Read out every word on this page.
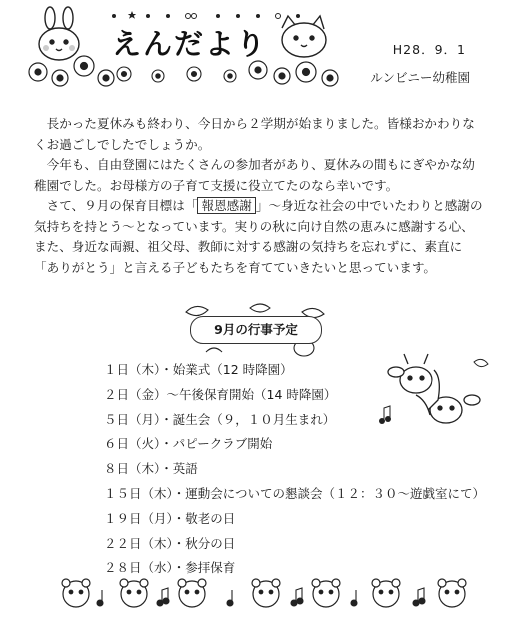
えんだより	H28．9．1
ルンビニー幼稚園

長かった夏休みも終わり、今日から２学期が始まりました。皆様おかわりなくお過ごしでしたでしょうか。

今年も、自由登園にはたくさんの参加者があり、夏休みの間もにぎやかな幼稚園でした。お母様方の子育て支援に役立てたのなら幸いです。

さて、９月の保育目標は「 報恩感謝 」～身近な社会の中でいたわりと感謝の気持ちを持とう～となっています。実りの秋に向け自然の恵みに感謝する心、また、身近な両親、祖父母、教師に対する感謝の気持ちを忘れずに、素直に「ありがとう」と言える子どもたちを育てていきたいと思っています。

9月の行事予定
１日（木）・始業式（12 時降園）
２日（金）～午後保育開始（14 時降園）
５日（月）・誕生会（９，１０月生まれ）
６日（火）・パピークラブ開始
８日（木）・英語
１５日（木）・運動会についての懇談会（１２：３０～遊戯室にて）
１９日（月）・敬老の日
２２日（木）・秋分の日
２８日（水）・参拝保育
